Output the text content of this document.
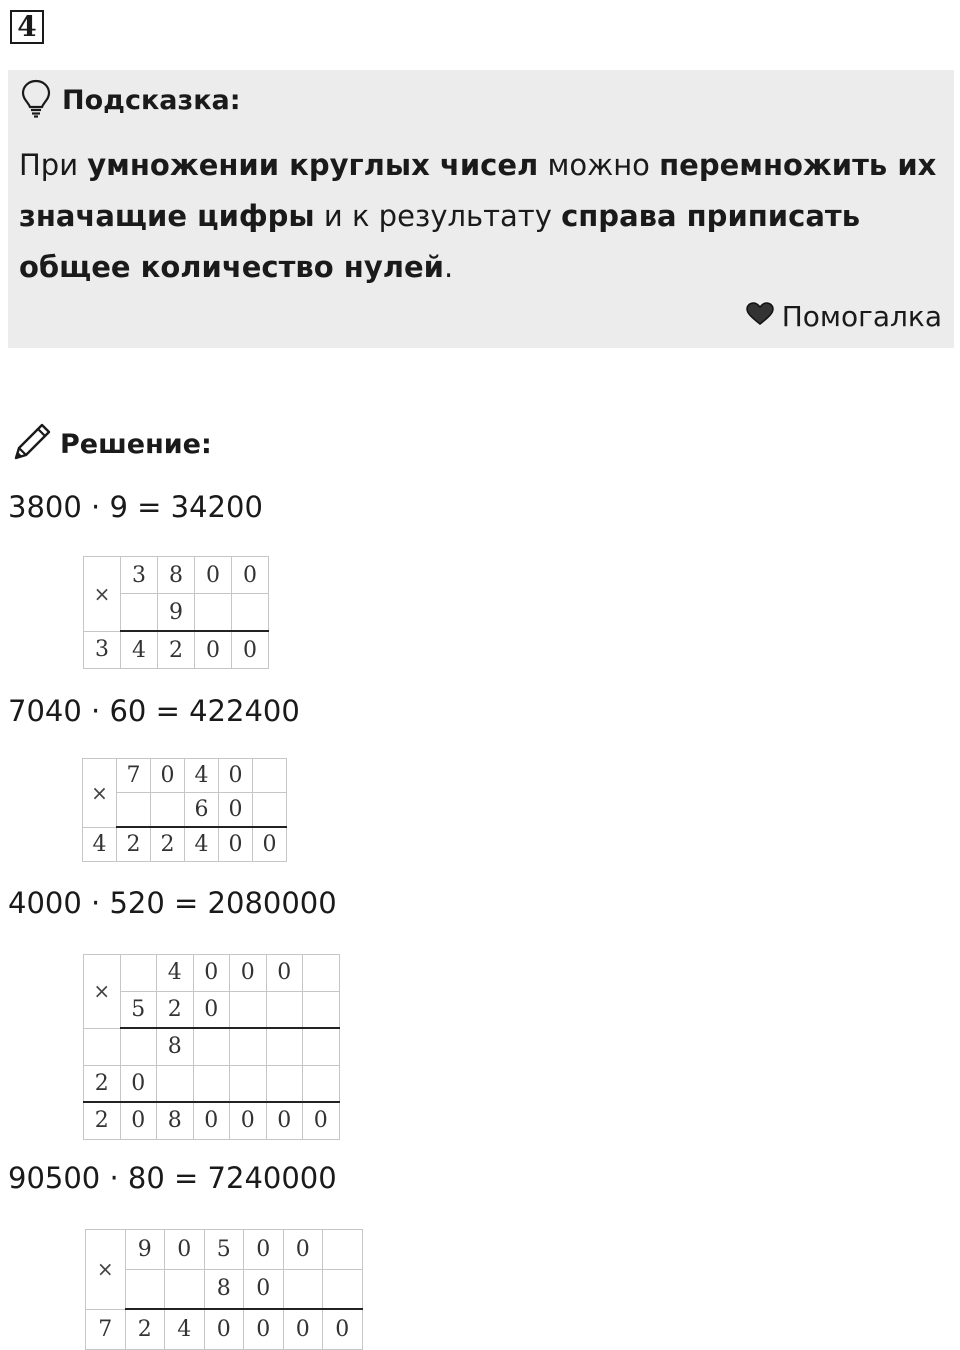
4
Подсказка:
При умножении круглых чисел можно перемножить их значащие цифры и к результату справа приписать общее количество нулей.
Помогалка
Решение:
3800 · 9 = 34200
7040 · 60 = 422400
4000 · 520 = 2080000
90500 · 80 = 7240000
×	3	8	0	0
		9		
3	4	2	0	0
×	7	0	4	0	
			6	0	
4	2	2	4	0	0
×		4	0	0	0	
	5	2	0			
		8				
2	0					
2	0	8	0	0	0	0
×	9	0	5	0	0	
			8	0		
7	2	4	0	0	0	0
